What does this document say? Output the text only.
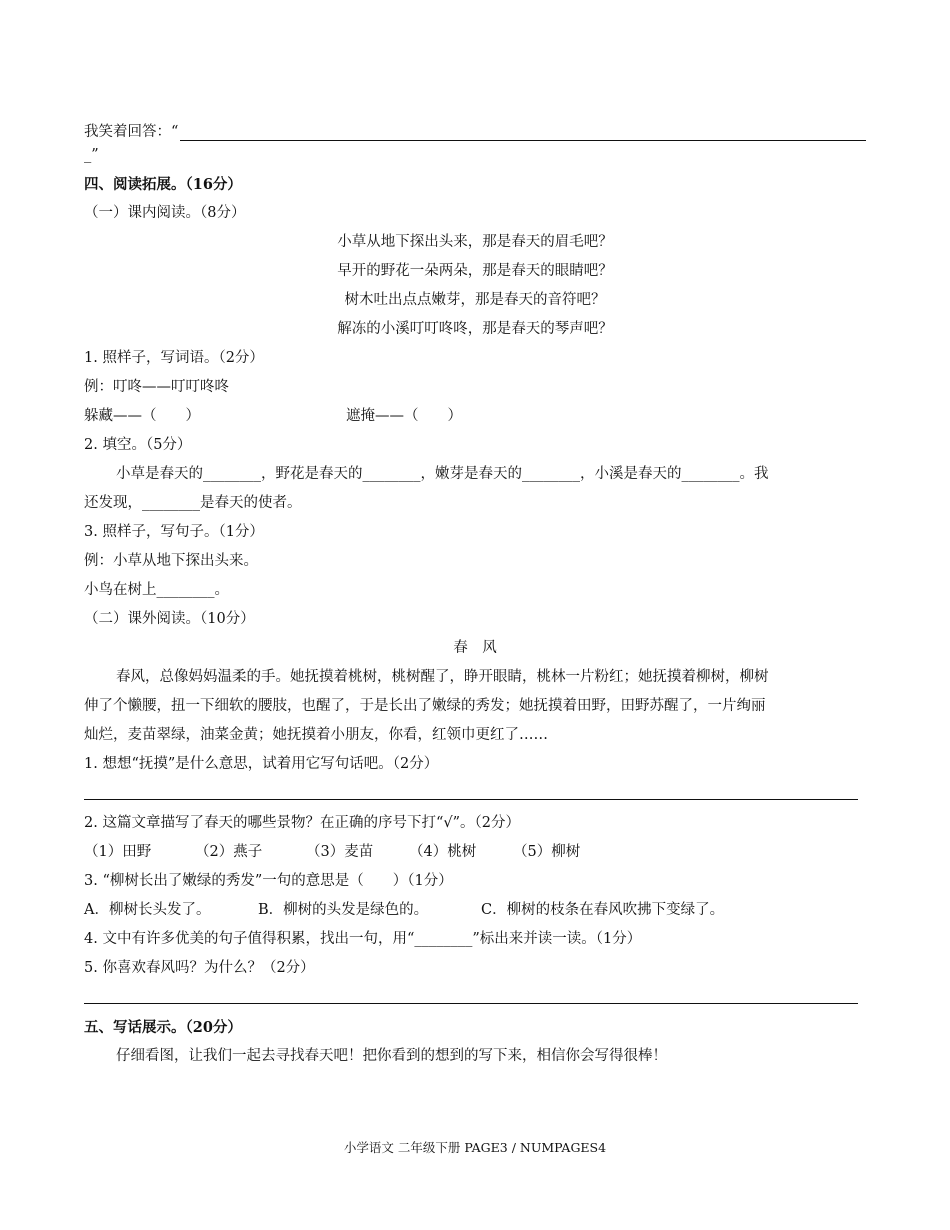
我笑着回答：“
_”
四、阅读拓展。（16分）
（一）课内阅读。（8分）
小草从地下探出头来，那是春天的眉毛吧？
早开的野花一朵两朵，那是春天的眼睛吧？
树木吐出点点嫩芽，那是春天的音符吧？
解冻的小溪叮叮咚咚，那是春天的琴声吧？
1. 照样子，写词语。（2分）
例：叮咚——叮叮咚咚
躲藏——（　　）	遮掩——（　　）
2. 填空。（5分）
小草是春天的________，野花是春天的________，嫩芽是春天的________，小溪是春天的________。我
还发现，________是春天的使者。
3. 照样子，写句子。（1分）
例：小草从地下探出头来。
小鸟在树上________。
（二）课外阅读。（10分）
春　风
春风，总像妈妈温柔的手。她抚摸着桃树，桃树醒了，睁开眼睛，桃林一片粉红；她抚摸着柳树，柳树
伸了个懒腰，扭一下细软的腰肢，也醒了，于是长出了嫩绿的秀发；她抚摸着田野，田野苏醒了，一片绚丽
灿烂，麦苗翠绿，油菜金黄；她抚摸着小朋友，你看，红领巾更红了……
1. 想想“抚摸”是什么意思，试着用它写句话吧。（2分）
2. 这篇文章描写了春天的哪些景物？在正确的序号下打“√”。（2分）
（1）田野	（2）燕子	（3）麦苗 （4）桃树	（5）柳树
3. “柳树长出了嫩绿的秀发”一句的意思是（　　）（1分）
A．柳树长头发了。	B．柳树的头发是绿色的。	C．柳树的枝条在春风吹拂下变绿了。
4. 文中有许多优美的句子值得积累，找出一句，用“________”标出来并读一读。（1分）
5. 你喜欢春风吗？为什么？（2分）
五、写话展示。（20分）
仔细看图，让我们一起去寻找春天吧！把你看到的想到的写下来，相信你会写得很棒！
小学语文 二年级下册 PAGE3 / NUMPAGES4
